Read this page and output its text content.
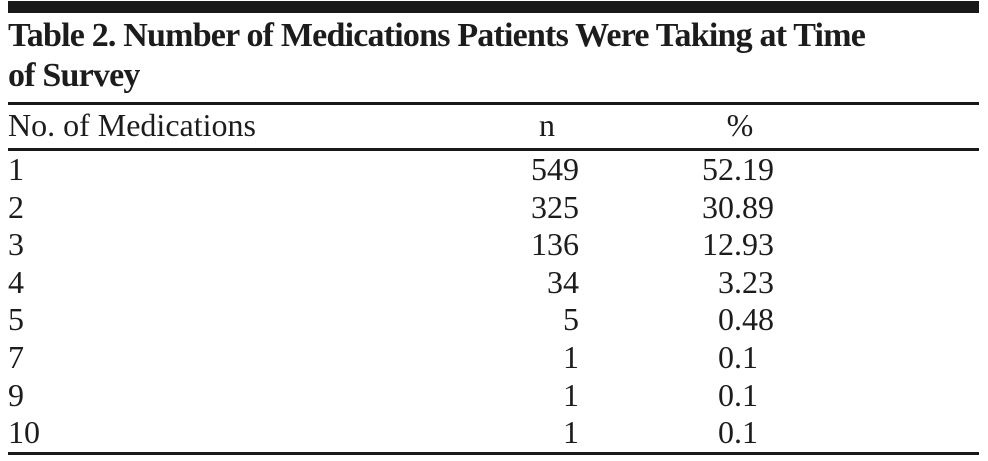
Table 2. Number of Medications Patients Were Taking at Time
of Survey
No. of Medications	n	%
1	549	52. 19
2	325	30. 89
3	136	12. 93
4	34	3. 23
5	5	0. 48
7	1	0. 1
9	1	0. 1
10	1	0. 1
